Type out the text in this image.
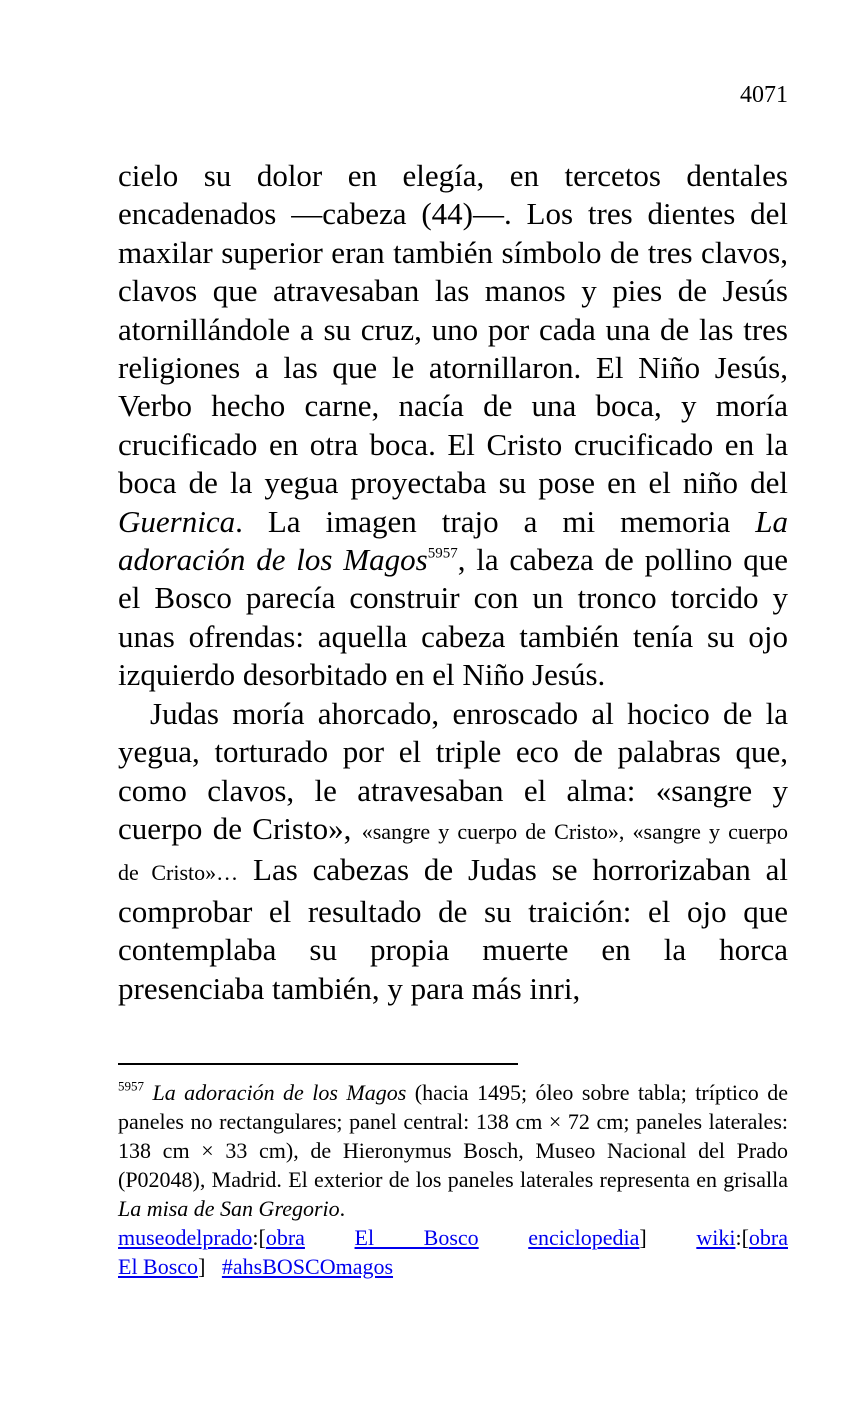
4071

cielo su dolor en elegía, en tercetos dentales encadenados —cabeza (44)—. Los tres dientes del maxilar superior eran también símbolo de tres clavos, clavos que atravesaban las manos y pies de Jesús atornillándole a su cruz, uno por cada una de las tres religiones a las que le atornillaron. El Niño Jesús, Verbo hecho carne, nacía de una boca, y moría crucificado en otra boca. El Cristo crucificado en la boca de la yegua proyectaba su pose en el niño del Guernica. La imagen trajo a mi memoria La adoración de los Magos$^{5957}$, la cabeza de pollino que el Bosco parecía construir con un tronco torcido y unas ofrendas: aquella cabeza también tenía su ojo izquierdo desorbitado en el Niño Jesús.

Judas moría ahorcado, enroscado al hocico de la yegua, torturado por el triple eco de palabras que, como clavos, le atravesaban el alma: «sangre y cuerpo de Cristo», «sangre y cuerpo de Cristo», «sangre y cuerpo de Cristo»… Las cabezas de Judas se horrorizaban al comprobar el resultado de su traición: el ojo que contemplaba su propia muerte en la horca presenciaba también, y para más inri,

$^{5957}$ La adoración de los Magos (hacia 1495; óleo sobre tabla; tríptico de paneles no rectangulares; panel central: 138 cm × 72 cm; paneles laterales: 138 cm × 33 cm), de Hieronymus Bosch, Museo Nacional del Prado (P02048), Madrid. El exterior de los paneles laterales representa en grisalla La misa de San Gregorio.

museodelprado:[obra El Bosco enciclopedia] wiki:[obra

El Bosco] #ahsBOSCOmagos
